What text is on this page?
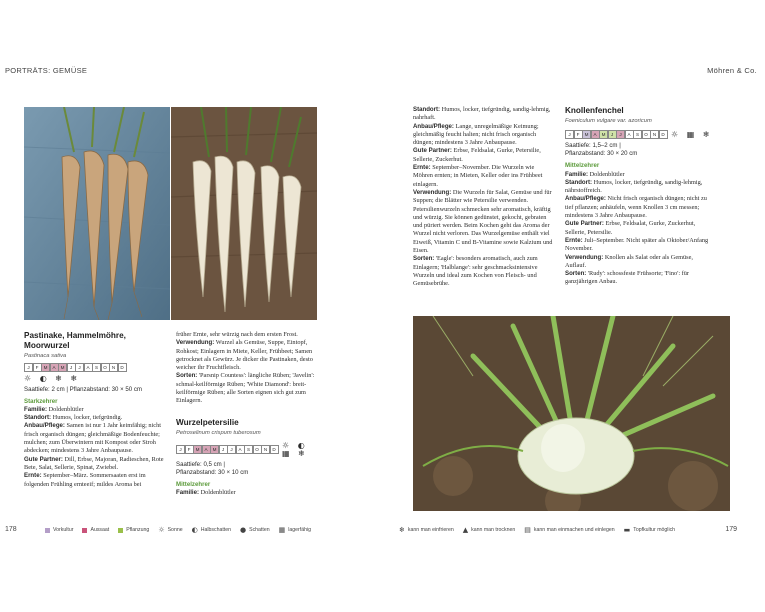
PORTRÄTS: GEMÜSE	Möhren & Co.
Pastinake, Hammelmöhre, Moorwurzel
Pastinaca sativa
J	F	M	A	M	J	J	A	S	O	N	D
☼ ◐ ❄ ❄
Saattiefe: 2 cm | Pflanzabstand: 30 × 50 cm
Starkzehrer

Familie: Doldenblütler

Standort: Humos, locker, tiefgründig.

Anbau/Pflege: Samen ist nur 1 Jahr keimfähig; nicht frisch organisch düngen; gleichmäßige Bodenfeuchte; mulchen; zum Überwintern mit Kompost oder Stroh abdecken; mindestens 3 Jahre Anbaupause.

Gute Partner: Dill, Erbse, Majoran, Radieschen, Rote Bete, Salat, Sellerie, Spinat, Zwiebel.

Ernte: September–März. Sommersaaten erst im folgenden Frühling ernteeif; mildes Aroma bei

früher Ernte, sehr würzig nach dem ersten Frost.

Verwendung: Wurzel als Gemüse, Suppe, Eintopf, Rohkost; Einlagern in Miete, Keller, Frühbeet; Samen getrocknet als Gewürz. Je dicker die Pastinaken, desto weicher ihr Fruchtfleisch.

Sorten: 'Parsnip Countess': längliche Rüben; 'Javelin': schmal-keilförmige Rüben; 'White Diamond': breit-keilförmige Rüben; alle Sorten eignen sich gut zum Einlagern.

Wurzelpetersilie
Petroselinum crispum tuberosum
J	F	M	A	M	J	J	A	S	O	N	D ☼ ◐ ▦ ❄
Saattiefe: 0,5 cm |
Pflanzabstand: 30 × 10 cm
Mittelzehrer

Familie: Doldenblütler

Standort: Humos, locker, tiefgründig, sandig-lehmig, nahrhaft.

Anbau/Pflege: Lange, unregelmäßige Keimung; gleichmäßig feucht halten; nicht frisch organisch düngen; mindestens 3 Jahre Anbaupause.

Gute Partner: Erbse, Feldsalat, Gurke, Petersilie, Sellerie, Zuckerhut.

Ernte: September–November. Die Wurzeln wie Möhren ernten; in Mieten, Keller oder ins Frühbeet einlagern.

Verwendung: Die Wurzeln für Salat, Gemüse und für Suppen; die Blätter wie Petersilie verwenden. Petersilienwurzeln schmecken sehr aromatisch, kräftig und würzig. Sie können gedünstet, gekocht, gebraten und püriert werden. Beim Kochen geht das Aroma der Wurzel nicht verloren. Das Wurzelgemüse enthält viel Eiweiß, Vitamin C und B-Vitamine sowie Kalzium und Eisen.

Sorten: 'Eagle': besonders aromatisch, auch zum Einlagern; 'Halblange': sehr geschmacksintensive Wurzeln und ideal zum Kochen von Fleisch- und Gemüsebrühe.

Knollenfenchel
Foeniculum vulgare var. azoricum
J	F	M	A	M	J	J	A	S	O	N	D ☼ ▦ ❄
Saattiefe: 1,5–2 cm |
Pflanzabstand: 30 × 20 cm
Mittelzehrer

Familie: Doldenblütler

Standort: Humos, locker, tiefgründig, sandig-lehmig, nährstoffreich.

Anbau/Pflege: Nicht frisch organisch düngen; nicht zu tief pflanzen; anhäufeln, wenn Knollen 3 cm messen; mindestens 3 Jahre Anbaupause.

Gute Partner: Erbse, Feldsalat, Gurke, Zuckerhut, Sellerie, Petersilie.

Ernte: Juli–September. Nicht später als Oktober/Anfang November.

Verwendung: Knollen als Salat oder als Gemüse, Auflauf.

Sorten: 'Rudy': schossfeste Frühsorte; 'Fino': für ganzjährigen Anbau.

178	179
Vorkultur	Aussaat	Pflanzung ☼ Sonne ◐ Halbschatten ● Schatten ▦ lagerfähig	❄ kann man einfrieren ▲ kann man trocknen ▤ kann man einmachen und einlegen ▬ Topfkultur möglich
